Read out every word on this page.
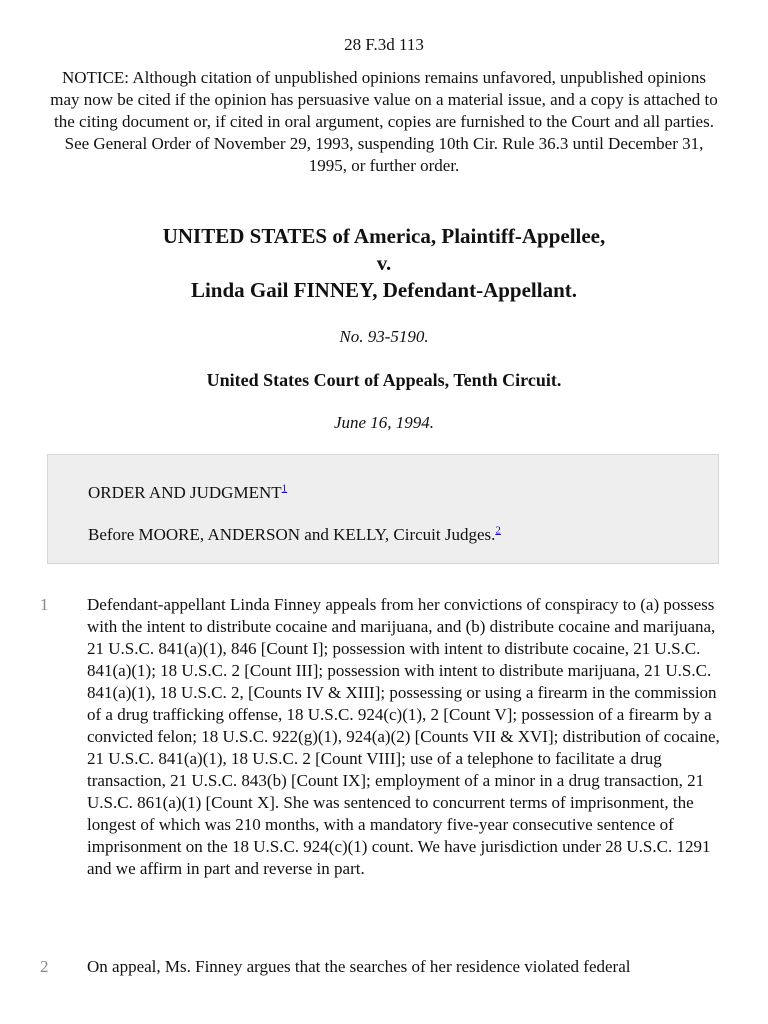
28 F.3d 113
NOTICE: Although citation of unpublished opinions remains unfavored, unpublished opinions may now be cited if the opinion has persuasive value on a material issue, and a copy is attached to the citing document or, if cited in oral argument, copies are furnished to the Court and all parties. See General Order of November 29, 1993, suspending 10th Cir. Rule 36.3 until December 31, 1995, or further order.
UNITED STATES of America, Plaintiff-Appellee,
v.
Linda Gail FINNEY, Defendant-Appellant.
No. 93-5190.
United States Court of Appeals, Tenth Circuit.
June 16, 1994.
ORDER AND JUDGMENT$^1$
Before MOORE, ANDERSON and KELLY, Circuit Judges.$^2$
1	Defendant-appellant Linda Finney appeals from her convictions of conspiracy to (a) possess with the intent to distribute cocaine and marijuana, and (b) distribute cocaine and marijuana, 21 U.S.C. 841(a)(1), 846 [Count I]; possession with intent to distribute cocaine, 21 U.S.C. 841(a)(1); 18 U.S.C. 2 [Count III]; possession with intent to distribute marijuana, 21 U.S.C. 841(a)(1), 18 U.S.C. 2, [Counts IV & XIII]; possessing or using a firearm in the commission of a drug trafficking offense, 18 U.S.C. 924(c)(1), 2 [Count V]; possession of a firearm by a convicted felon; 18 U.S.C. 922(g)(1), 924(a)(2) [Counts VII & XVI]; distribution of cocaine, 21 U.S.C. 841(a)(1), 18 U.S.C. 2 [Count VIII]; use of a telephone to facilitate a drug transaction, 21 U.S.C. 843(b) [Count IX]; employment of a minor in a drug transaction, 21 U.S.C. 861(a)(1) [Count X]. She was sentenced to concurrent terms of imprisonment, the longest of which was 210 months, with a mandatory five-year consecutive sentence of imprisonment on the 18 U.S.C. 924(c)(1) count. We have jurisdiction under 28 U.S.C. 1291 and we affirm in part and reverse in part.
2	On appeal, Ms. Finney argues that the searches of her residence violated federal
